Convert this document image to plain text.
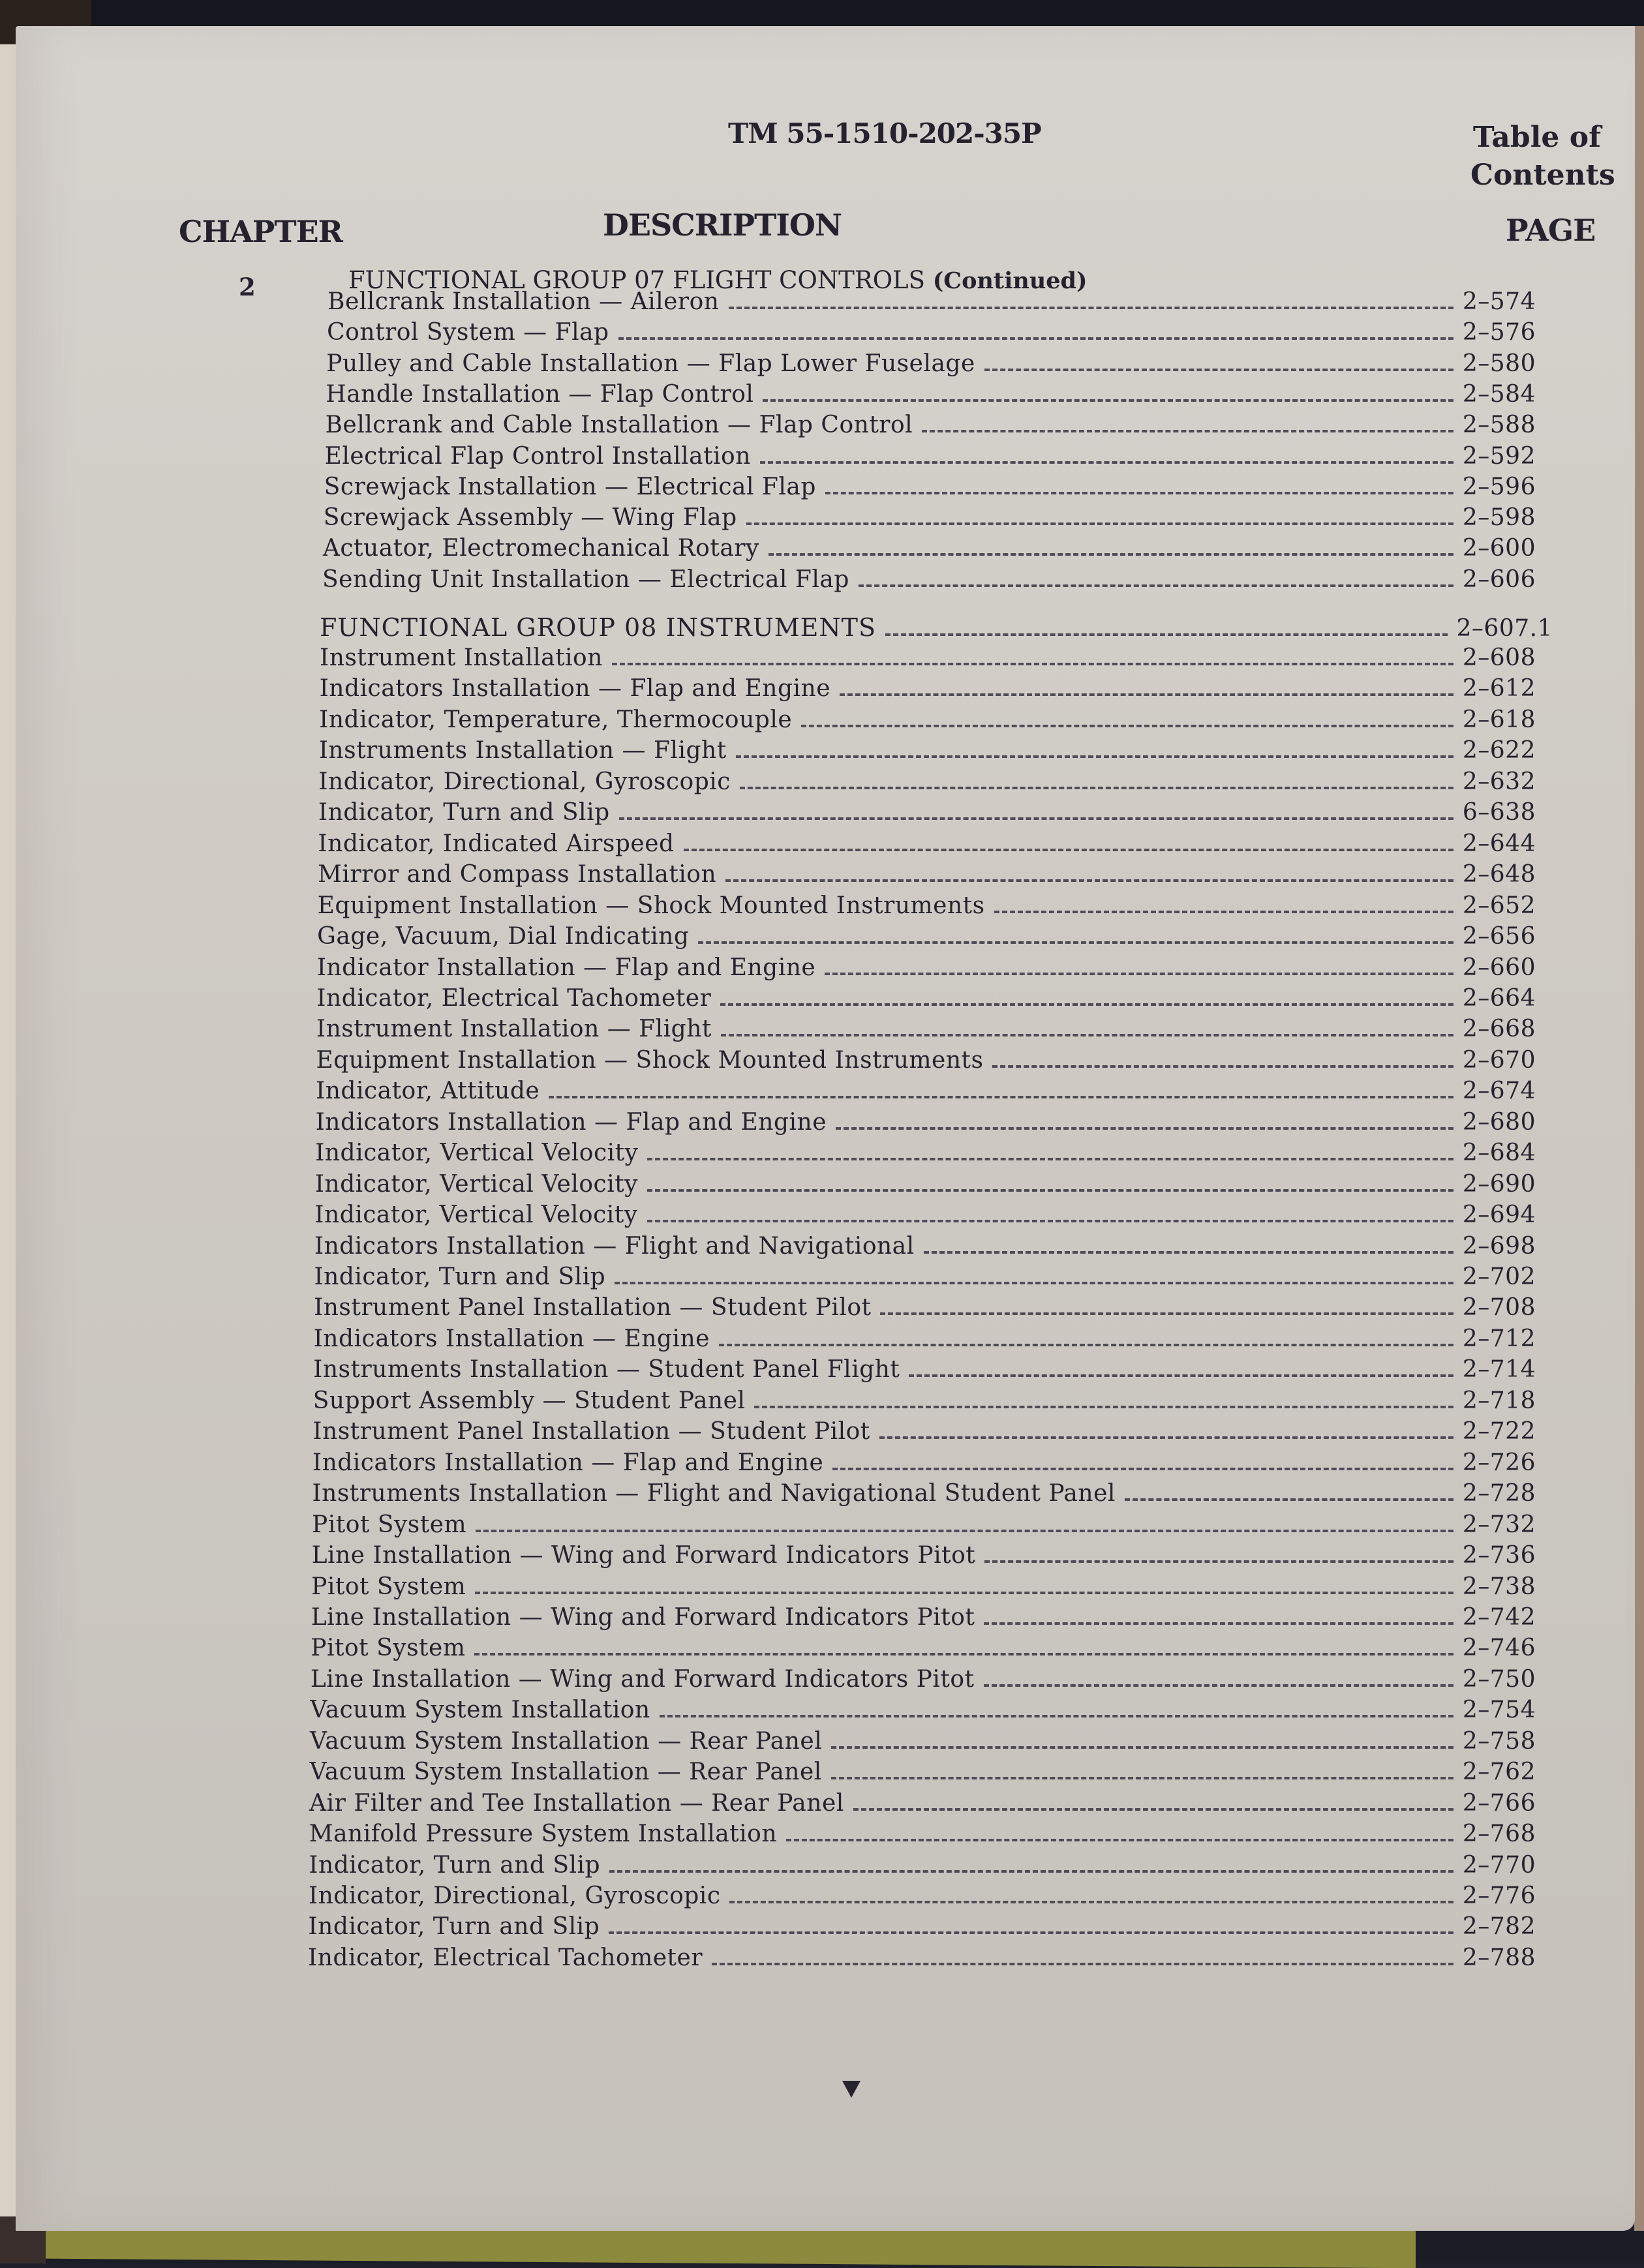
TM 55-1510-202-35P	Table of
Contents
CHAPTER	DESCRIPTION	PAGE
2	FUNCTIONAL GROUP 07 FLIGHT CONTROLS (Continued)
Bellcrank Installation — Aileron	2–574
Control System — Flap	2–576
Pulley and Cable Installation — Flap Lower Fuselage	2–580
Handle Installation — Flap Control	2–584
Bellcrank and Cable Installation — Flap Control	2–588
Electrical Flap Control Installation	2–592
Screwjack Installation — Electrical Flap	2–596
Screwjack Assembly — Wing Flap	2–598
Actuator, Electromechanical Rotary	2–600
Sending Unit Installation — Electrical Flap	2–606
FUNCTIONAL GROUP 08 INSTRUMENTS	2–607.1
Instrument Installation	2–608
Indicators Installation — Flap and Engine	2–612
Indicator, Temperature, Thermocouple	2–618
Instruments Installation — Flight	2–622
Indicator, Directional, Gyroscopic	2–632
Indicator, Turn and Slip	6–638
Indicator, Indicated Airspeed	2–644
Mirror and Compass Installation	2–648
Equipment Installation — Shock Mounted Instruments	2–652
Gage, Vacuum, Dial Indicating	2–656
Indicator Installation — Flap and Engine	2–660
Indicator, Electrical Tachometer	2–664
Instrument Installation — Flight	2–668
Equipment Installation — Shock Mounted Instruments	2–670
Indicator, Attitude	2–674
Indicators Installation — Flap and Engine	2–680
Indicator, Vertical Velocity	2–684
Indicator, Vertical Velocity	2–690
Indicator, Vertical Velocity	2–694
Indicators Installation — Flight and Navigational	2–698
Indicator, Turn and Slip	2–702
Instrument Panel Installation — Student Pilot	2–708
Indicators Installation — Engine	2–712
Instruments Installation — Student Panel Flight	2–714
Support Assembly — Student Panel	2–718
Instrument Panel Installation — Student Pilot	2–722
Indicators Installation — Flap and Engine	2–726
Instruments Installation — Flight and Navigational Student Panel	2–728
Pitot System	2–732
Line Installation — Wing and Forward Indicators Pitot	2–736
Pitot System	2–738
Line Installation — Wing and Forward Indicators Pitot	2–742
Pitot System	2–746
Line Installation — Wing and Forward Indicators Pitot	2–750
Vacuum System Installation	2–754
Vacuum System Installation — Rear Panel	2–758
Vacuum System Installation — Rear Panel	2–762
Air Filter and Tee Installation — Rear Panel	2–766
Manifold Pressure System Installation	2–768
Indicator, Turn and Slip	2–770
Indicator, Directional, Gyroscopic	2–776
Indicator, Turn and Slip	2–782
Indicator, Electrical Tachometer	2–788
